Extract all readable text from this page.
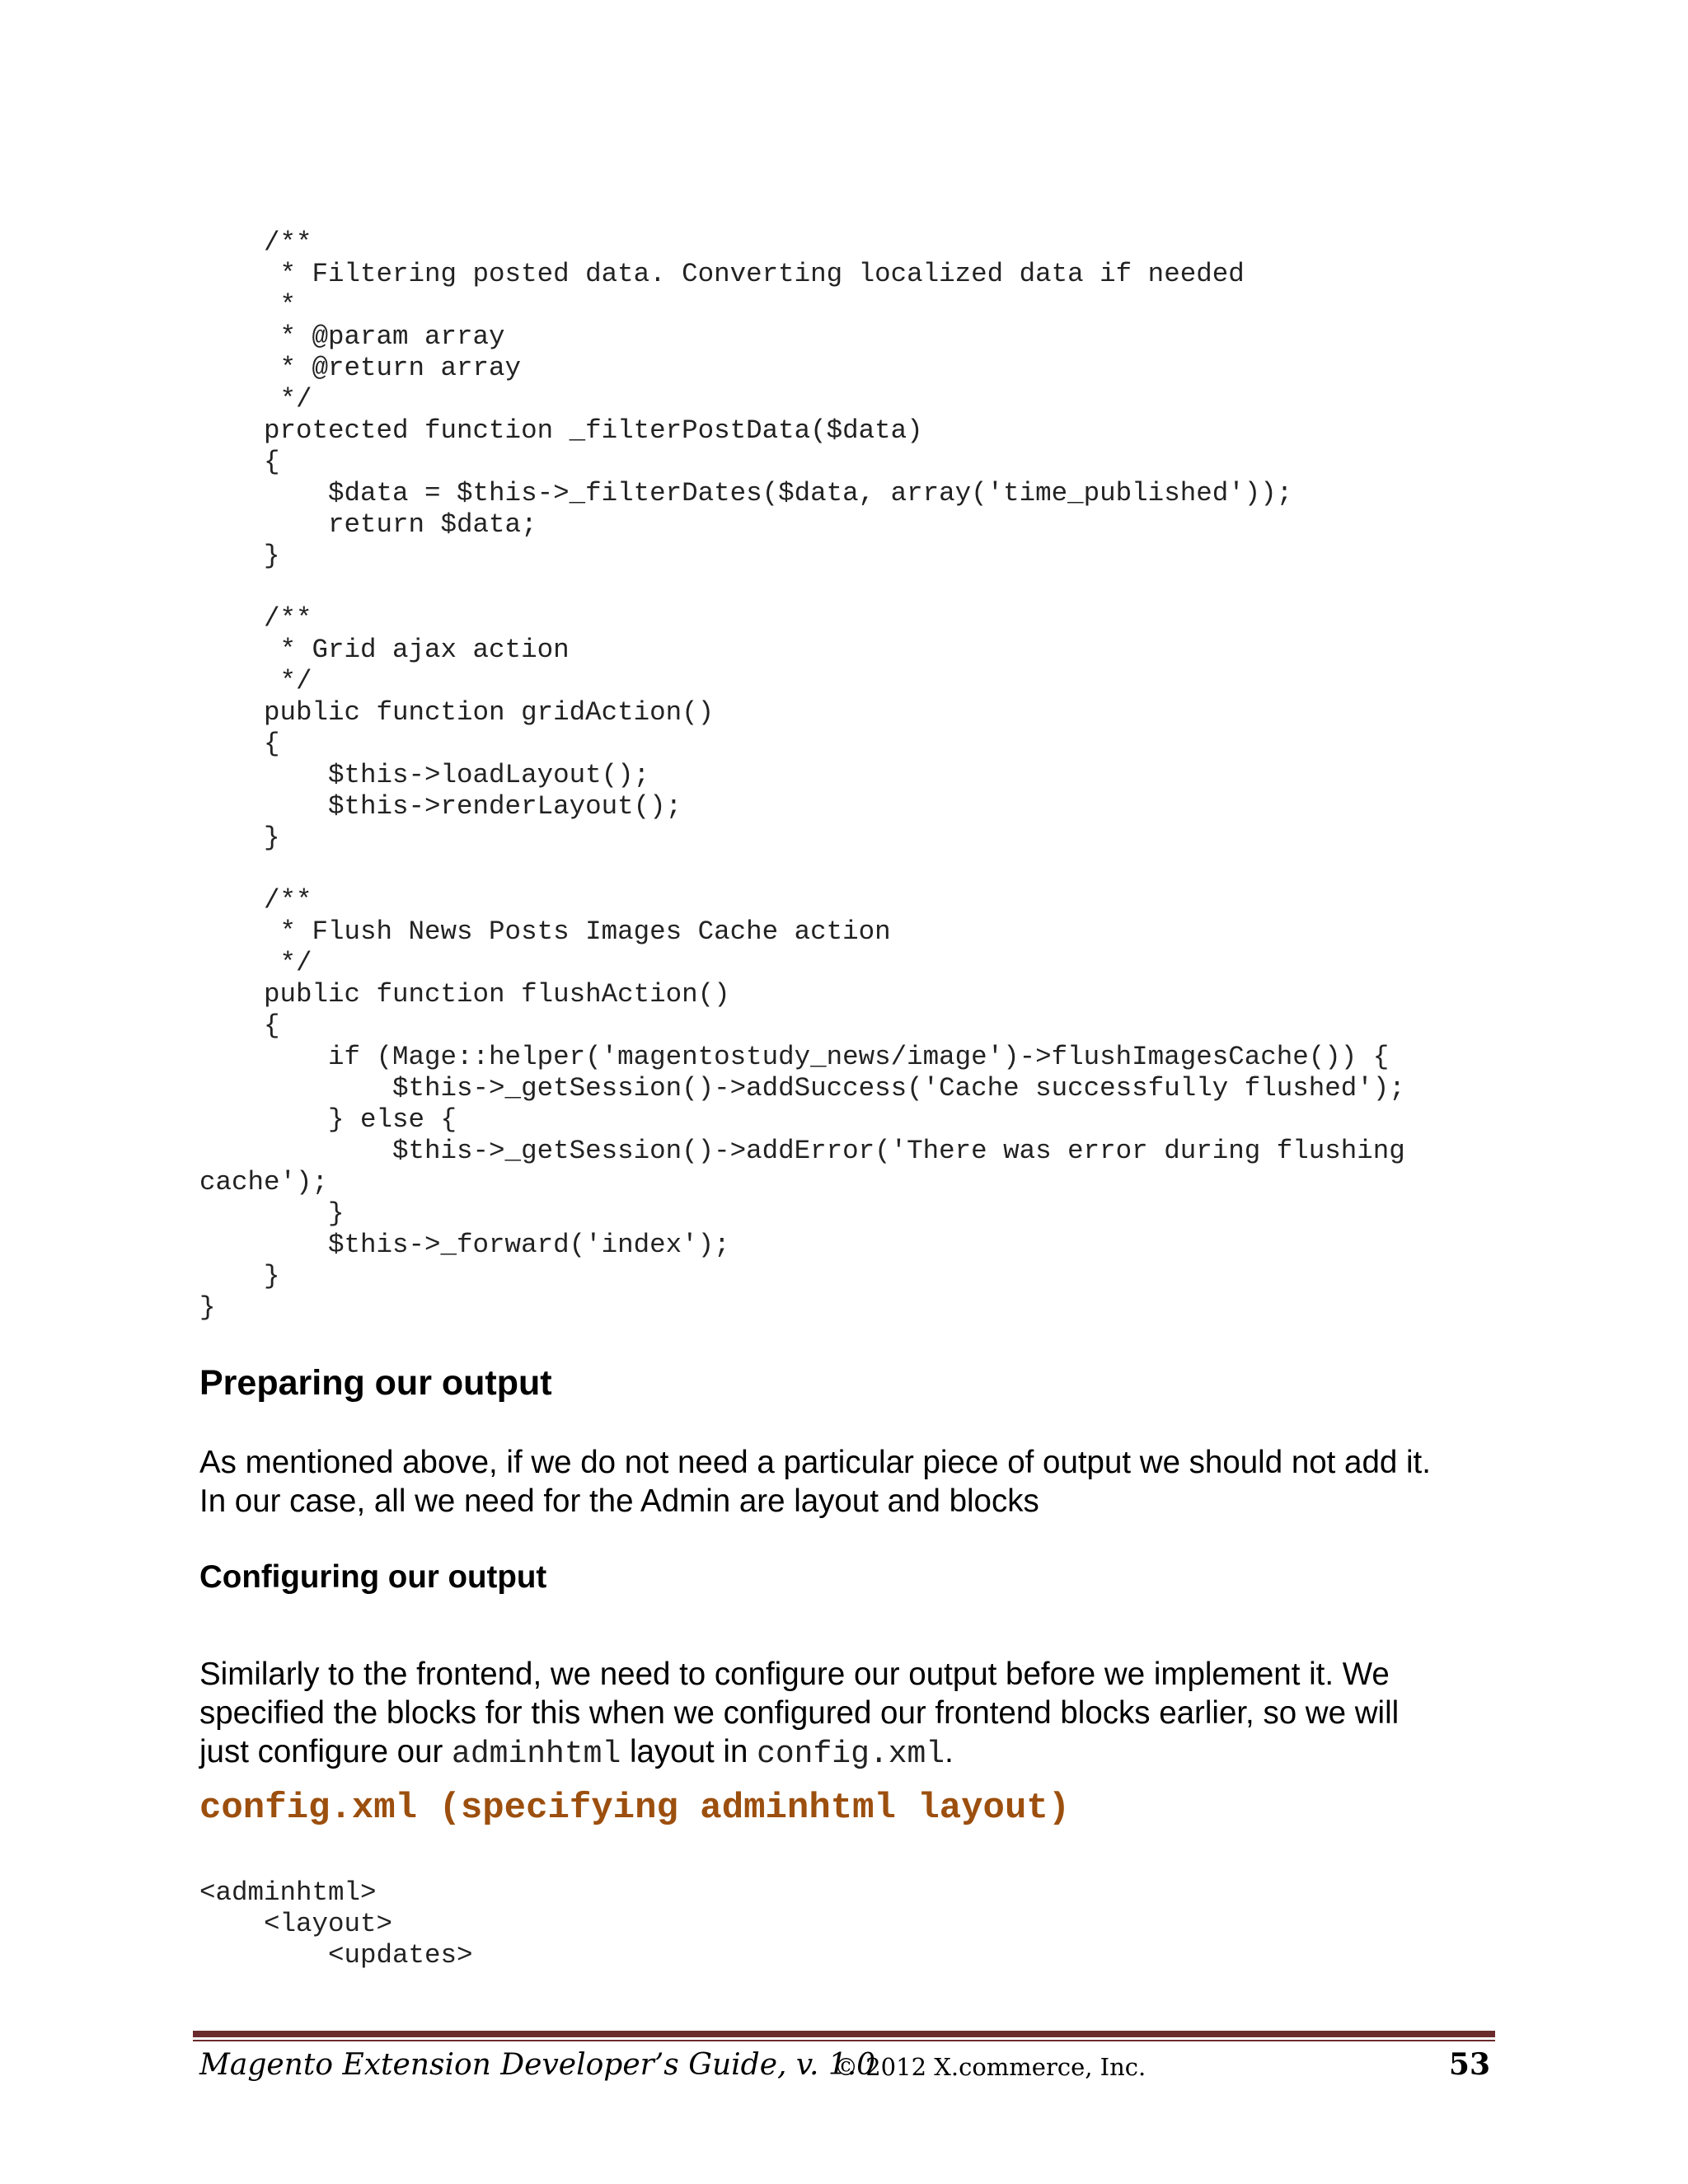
/**
* Filtering posted data. Converting localized data if needed
*
* @param array
* @return array
*/
protected function _filterPostData($data)
{
$data = $this->_filterDates($data, array('time_published'));
return $data;
}

/**
* Grid ajax action
*/
public function gridAction()
{
$this->loadLayout();
$this->renderLayout();
}

/**
* Flush News Posts Images Cache action
*/
public function flushAction()
{
if (Mage::helper('magentostudy_news/image')->flushImagesCache()) {
$this->_getSession()->addSuccess('Cache successfully flushed');
} else {
$this->_getSession()->addError('There was error during flushing
cache');
}
$this->_forward('index');
}
}
Preparing our output
As mentioned above, if we do not need a particular piece of output we should not add it.
In our case, all we need for the Admin are layout and blocks
Configuring our output
Similarly to the frontend, we need to configure our output before we implement it. We
specified the blocks for this when we configured our frontend blocks earlier, so we will
just configure our adminhtml layout in config.xml.
config.xml (specifying adminhtml layout)
<adminhtml>
<layout>
<updates>
Magento Extension Developer’s Guide, v. 1.0
© 2012 X.commerce, Inc.	53
